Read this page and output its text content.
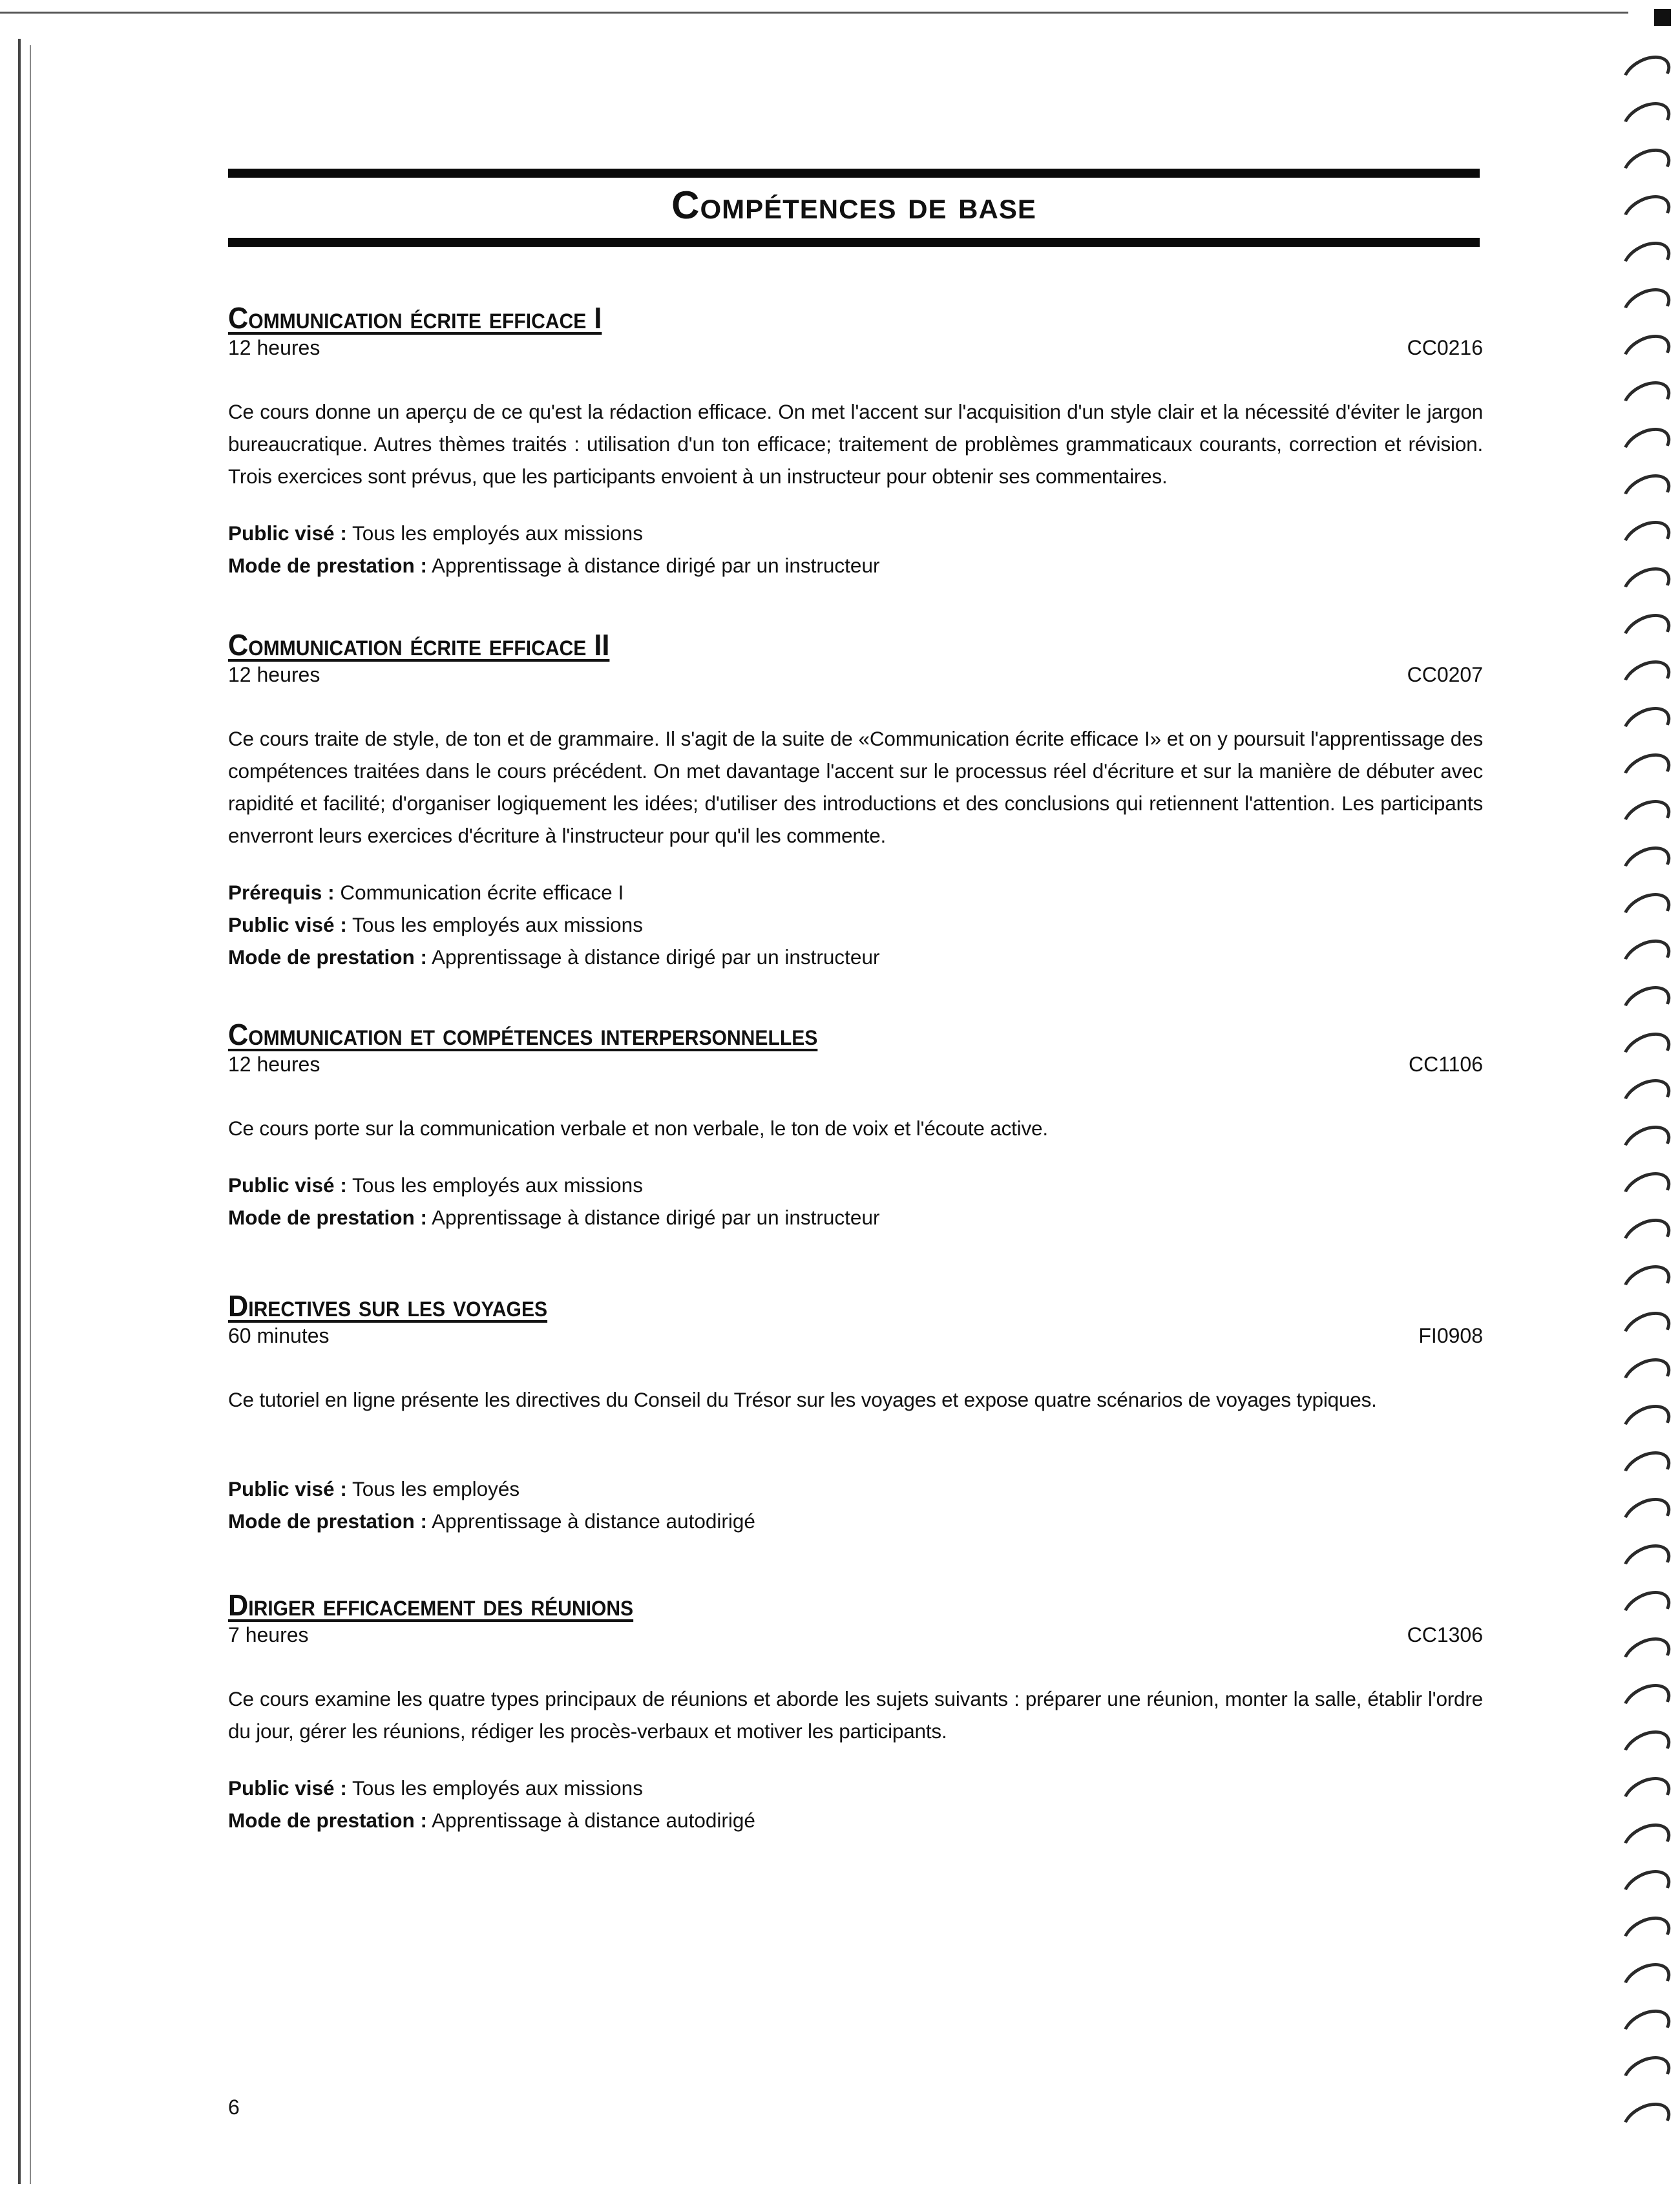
Compétences de base
Communication écrite efficace I
12 heures	CC0216
Ce cours donne un aperçu de ce qu'est la rédaction efficace. On met l'accent sur l'acquisition d'un style clair et la nécessité d'éviter le jargon bureaucratique. Autres thèmes traités : utilisation d'un ton efficace; traitement de problèmes grammaticaux courants, correction et révision. Trois exercices sont prévus, que les participants envoient à un instructeur pour obtenir ses commentaires.
Public visé : Tous les employés aux missions
Mode de prestation : Apprentissage à distance dirigé par un instructeur
Communication écrite efficace II
12 heures	CC0207
Ce cours traite de style, de ton et de grammaire. Il s'agit de la suite de «Communication écrite efficace I» et on y poursuit l'apprentissage des compétences traitées dans le cours précédent. On met davantage l'accent sur le processus réel d'écriture et sur la manière de débuter avec rapidité et facilité; d'organiser logiquement les idées; d'utiliser des introductions et des conclusions qui retiennent l'attention. Les participants enverront leurs exercices d'écriture à l'instructeur pour qu'il les commente.
Prérequis : Communication écrite efficace I
Public visé : Tous les employés aux missions
Mode de prestation : Apprentissage à distance dirigé par un instructeur
Communication et compétences interpersonnelles
12 heures	CC1106
Ce cours porte sur la communication verbale et non verbale, le ton de voix et l'écoute active.
Public visé : Tous les employés aux missions
Mode de prestation : Apprentissage à distance dirigé par un instructeur
Directives sur les voyages
60 minutes	FI0908
Ce tutoriel en ligne présente les directives du Conseil du Trésor sur les voyages et expose quatre scénarios de voyages typiques.
Public visé : Tous les employés
Mode de prestation : Apprentissage à distance autodirigé
Diriger efficacement des réunions
7 heures	CC1306
Ce cours examine les quatre types principaux de réunions et aborde les sujets suivants : préparer une réunion, monter la salle, établir l'ordre du jour, gérer les réunions, rédiger les procès-verbaux et motiver les participants.
Public visé : Tous les employés aux missions
Mode de prestation : Apprentissage à distance autodirigé
6
